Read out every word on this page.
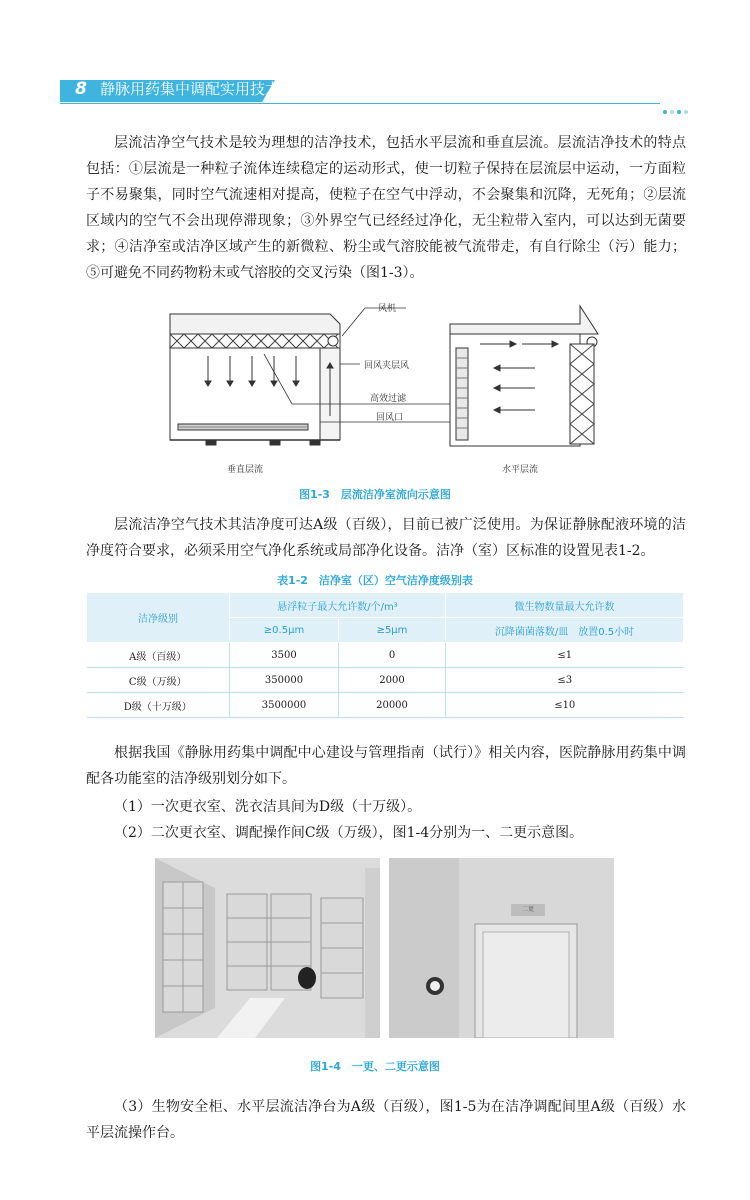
8 静脉用药集中调配实用技术

层流洁净空气技术是较为理想的洁净技术，包括水平层流和垂直层流。层流洁净技术的特点包括：①层流是一种粒子流体连续稳定的运动形式，使一切粒子保持在层流层中运动，一方面粒子不易聚集，同时空气流速相对提高，使粒子在空气中浮动，不会聚集和沉降，无死角；②层流区域内的空气不会出现停滞现象；③外界空气已经经过净化，无尘粒带入室内，可以达到无菌要求；④洁净室或洁净区域产生的新微粒、粉尘或气溶胶能被气流带走，有自行除尘（污）能力；⑤可避免不同药物粉末或气溶胶的交叉污染（图1-3）。

风机
回风夹层风
高效过滤
回风口
垂直层流	水平层流
图1-3　层流洁净室流向示意图

层流洁净空气技术其洁净度可达A级（百级），目前已被广泛使用。为保证静脉配液环境的洁净度符合要求，必须采用空气净化系统或局部净化设备。洁净（室）区标准的设置见表1-2。

表1-2　洁净室（区）空气洁净度级别表
洁净级别	悬浮粒子最大允许数/个/m³		微生物数量最大允许数
	≥0.5μm	≥5μm	沉降菌菌落数/皿　放置0.5小时
A级（百级）	3500	0	≤1
C级（万级）	350000	2000	≤3
D级（十万级）	3500000	20000	≤10

根据我国《静脉用药集中调配中心建设与管理指南（试行）》相关内容，医院静脉用药集中调配各功能室的洁净级别划分如下。

（1）一次更衣室、洗衣洁具间为D级（十万级）。

（2）二次更衣室、调配操作间C级（万级），图1-4分别为一、二更示意图。

二更
图1-4　一更、二更示意图

（3）生物安全柜、水平层流洁净台为A级（百级），图1-5为在洁净调配间里A级（百级）水平层流操作台。
